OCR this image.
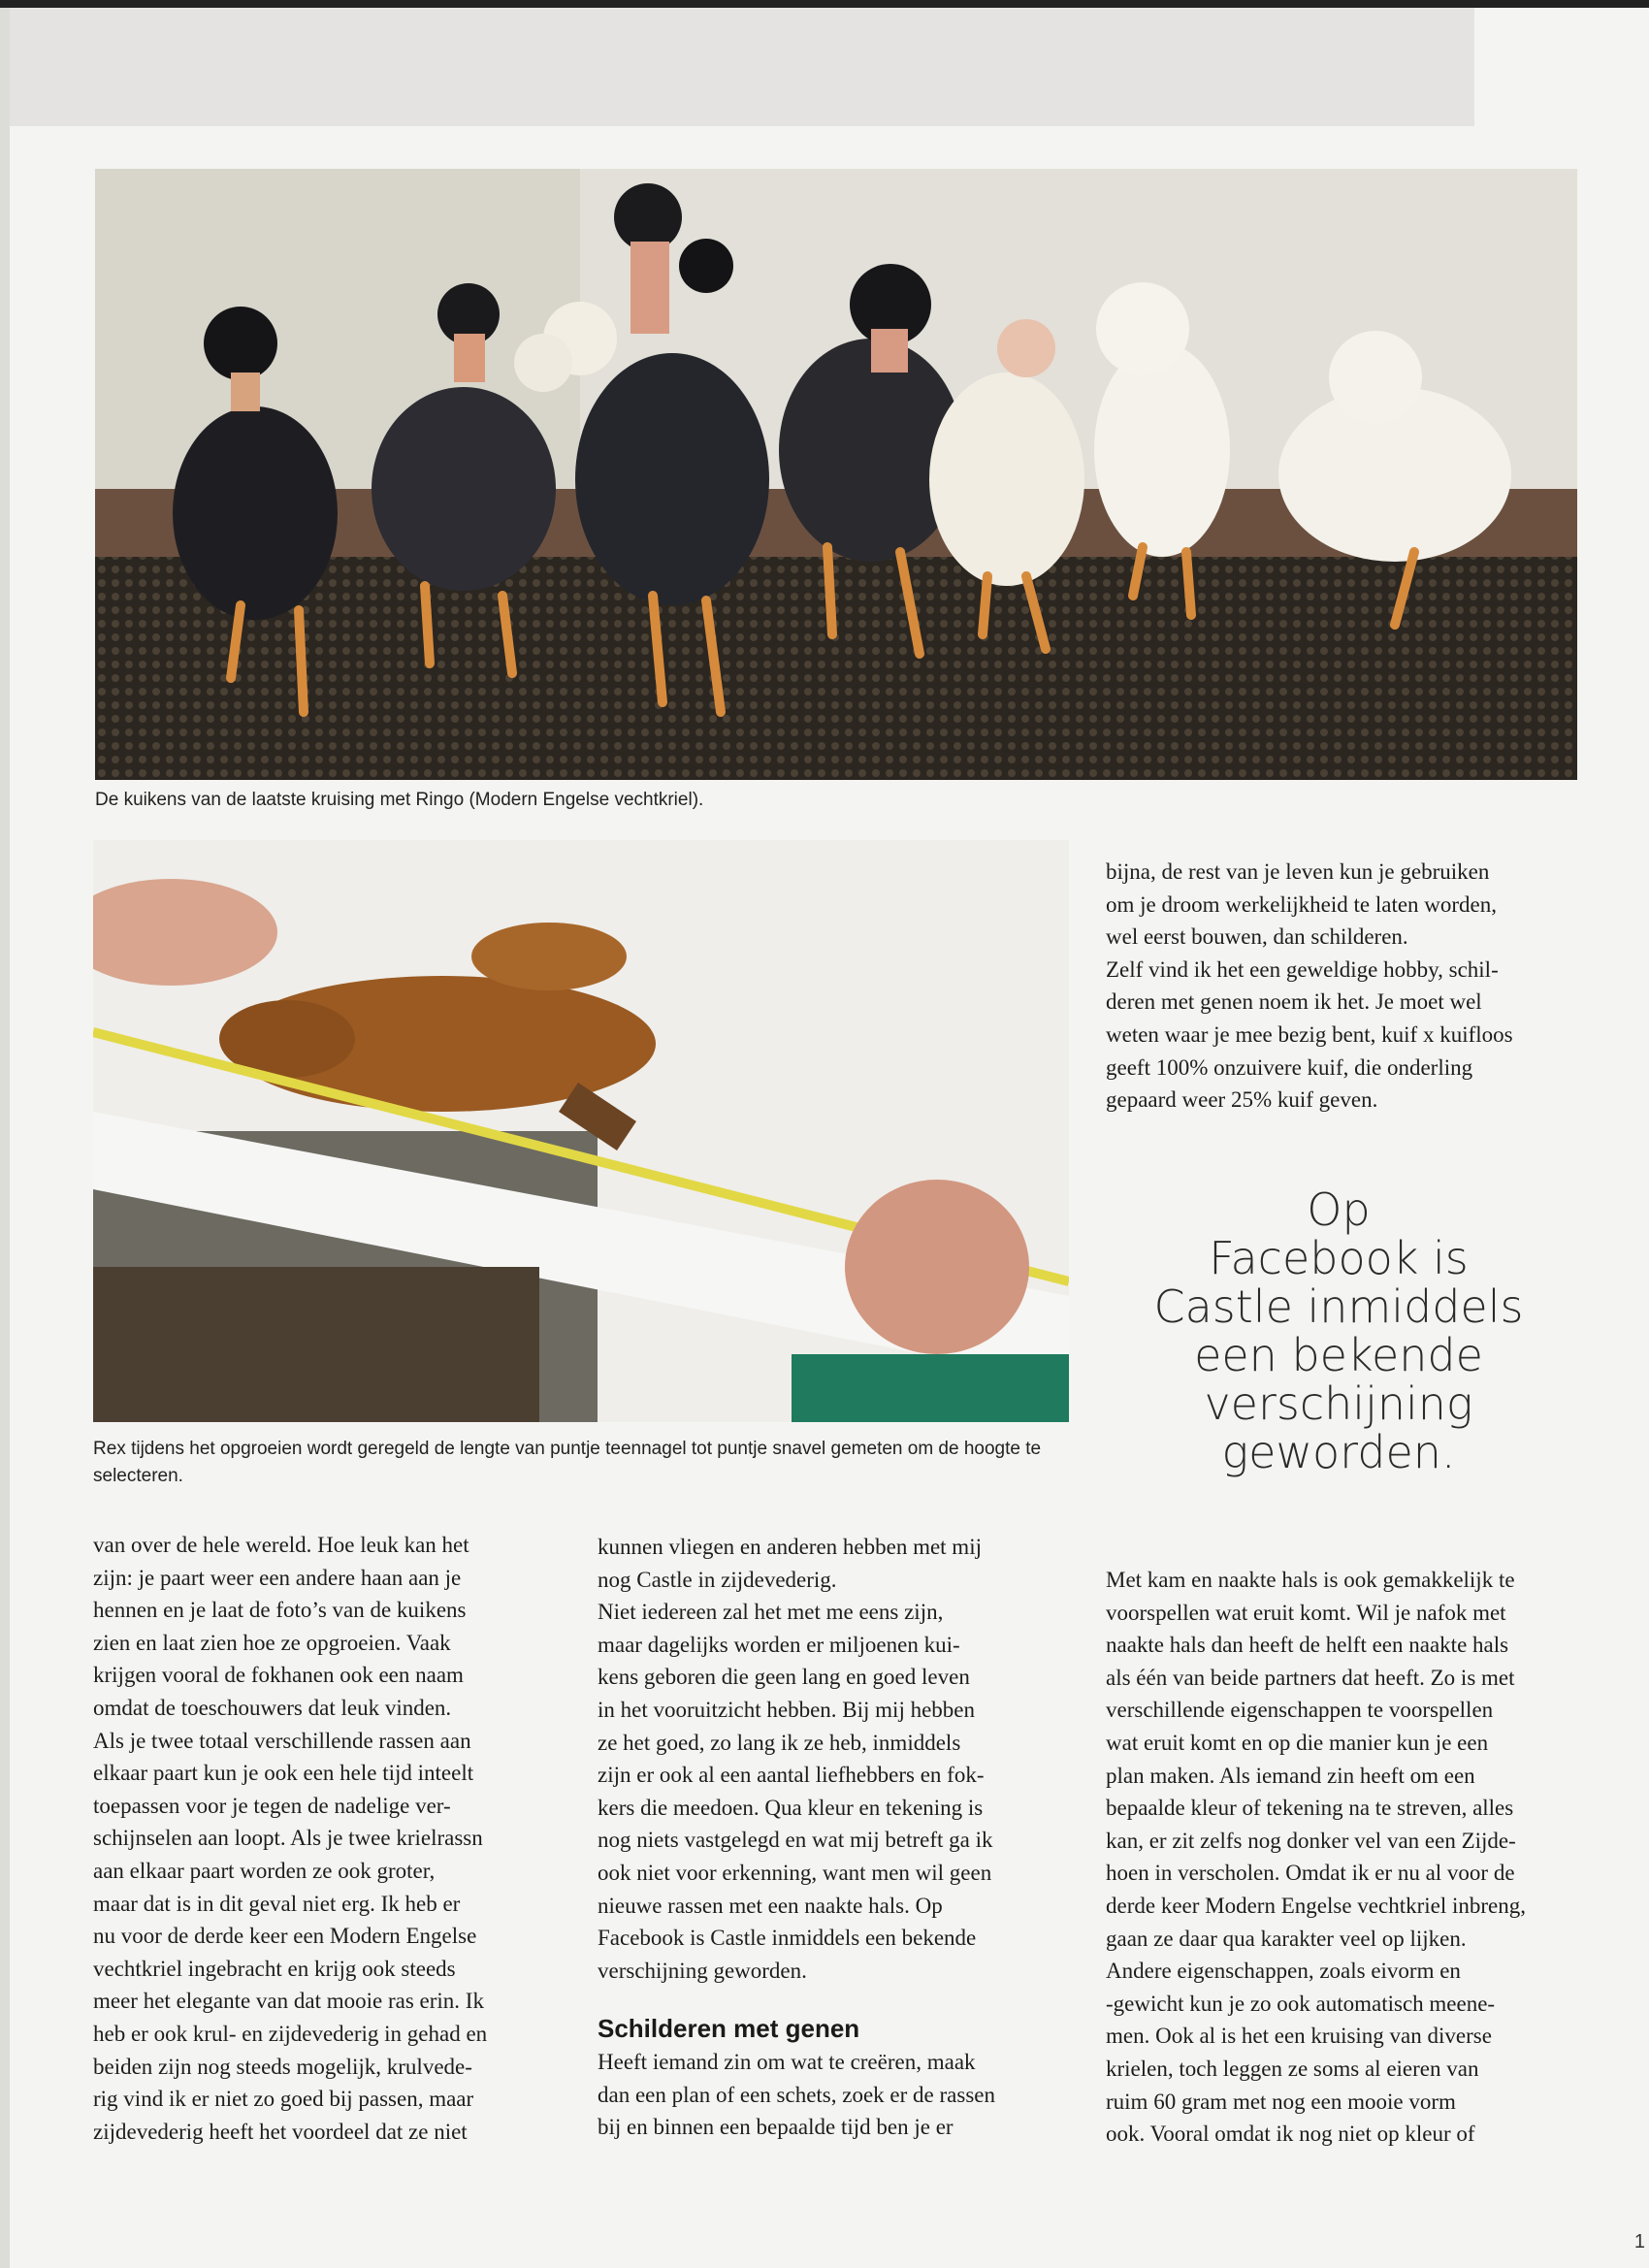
De kuikens van de laatste kruising met Ringo (Modern Engelse vechtkriel).
Rex tijdens het opgroeien wordt geregeld de lengte van puntje teennagel tot puntje snavel gemeten om de hoogte te selecteren.
bijna, de rest van je leven kun je gebruiken
om je droom werkelijkheid te laten worden,
wel eerst bouwen, dan schilderen.
Zelf vind ik het een geweldige hobby, schil-
deren met genen noem ik het. Je moet wel
weten waar je mee bezig bent, kuif x kuifloos
geeft 100% onzuivere kuif, die onderling
gepaard weer 25% kuif geven.
Op
Facebook is
Castle inmiddels
een bekende
verschijning
geworden.
van over de hele wereld. Hoe leuk kan het
zijn: je paart weer een andere haan aan je
hennen en je laat de foto’s van de kuikens
zien en laat zien hoe ze opgroeien. Vaak
krijgen vooral de fokhanen ook een naam
omdat de toeschouwers dat leuk vinden.
Als je twee totaal verschillende rassen aan
elkaar paart kun je ook een hele tijd inteelt
toepassen voor je tegen de nadelige ver-
schijnselen aan loopt. Als je twee krielrassn
aan elkaar paart worden ze ook groter,
maar dat is in dit geval niet erg. Ik heb er
nu voor de derde keer een Modern Engelse
vechtkriel ingebracht en krijg ook steeds
meer het elegante van dat mooie ras erin. Ik
heb er ook krul- en zijdevederig in gehad en
beiden zijn nog steeds mogelijk, krulvede-
rig vind ik er niet zo goed bij passen, maar
zijdevederig heeft het voordeel dat ze niet
kunnen vliegen en anderen hebben met mij
nog Castle in zijdevederig.
Niet iedereen zal het met me eens zijn,
maar dagelijks worden er miljoenen kui-
kens geboren die geen lang en goed leven
in het vooruitzicht hebben. Bij mij hebben
ze het goed, zo lang ik ze heb, inmiddels
zijn er ook al een aantal liefhebbers en fok-
kers die meedoen. Qua kleur en tekening is
nog niets vastgelegd en wat mij betreft ga ik
ook niet voor erkenning, want men wil geen
nieuwe rassen met een naakte hals. Op
Facebook is Castle inmiddels een bekende
verschijning geworden.
Schilderen met genen
Heeft iemand zin om wat te creëren, maak
dan een plan of een schets, zoek er de rassen
bij en binnen een bepaalde tijd ben je er
Met kam en naakte hals is ook gemakkelijk te
voorspellen wat eruit komt. Wil je nafok met
naakte hals dan heeft de helft een naakte hals
als één van beide partners dat heeft. Zo is met
verschillende eigenschappen te voorspellen
wat eruit komt en op die manier kun je een
plan maken. Als iemand zin heeft om een
bepaalde kleur of tekening na te streven, alles
kan, er zit zelfs nog donker vel van een Zijde-
hoen in verscholen. Omdat ik er nu al voor de
derde keer Modern Engelse vechtkriel inbreng,
gaan ze daar qua karakter veel op lijken.
Andere eigenschappen, zoals eivorm en
-gewicht kun je zo ook automatisch meene-
men. Ook al is het een kruising van diverse
krielen, toch leggen ze soms al eieren van
ruim 60 gram met nog een mooie vorm
ook. Vooral omdat ik nog niet op kleur of
1
